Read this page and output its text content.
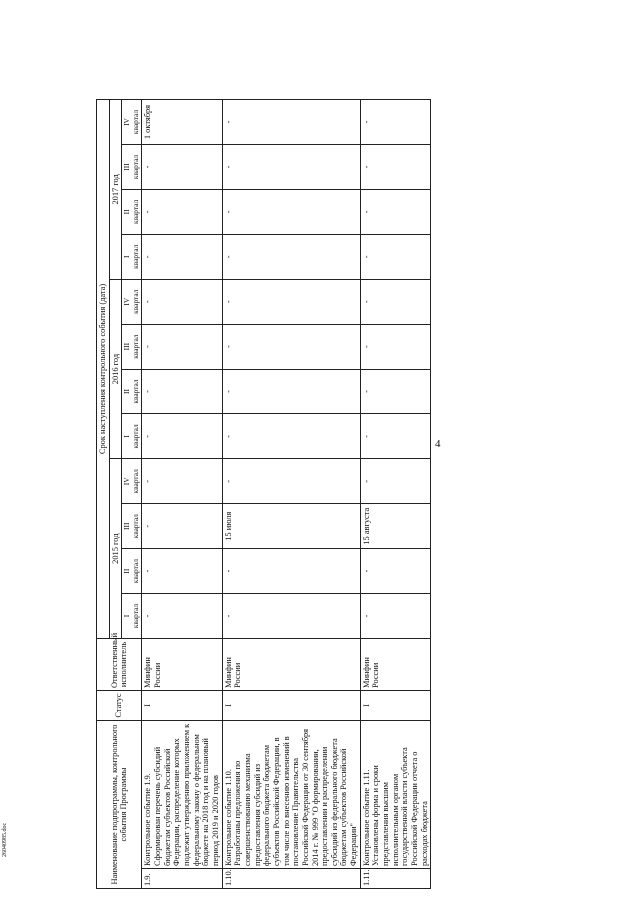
4
Наименование подпрограммы, контрольного события Программы		Статус	Ответственный исполнитель	Срок наступления контрольного события (дата)											
				2015 год				2016 год				2017 год			
				I
квартал	II
квартал	III
квартал	IV
квартал	I
квартал	II
квартал	III
квартал	IV
квартал	I
квартал	II
квартал	III
квартал	IV
квартал
1.9.	Контрольное событие 1.9. Сформирован перечень субсидий бюджетам субъектов Российской Федерации, распределение которых подлежит утверждению приложением к федеральному закону о федеральном бюджете на 2018 год и на плановый период 2019 и 2020 годов	I	Минфин России	-	-	-	-	-	-	-	-	-	-	-	1 октября
1.10.	Контрольное событие 1.10. Разработаны предложения по совершенствованию механизма предоставления субсидий из федерального бюджета бюджетам субъектов Российской Федерации, в том числе по внесению изменений в постановление Правительства Российской Федерации от 30 сентября 2014 г. № 999 "О формировании, предоставлении и распределении субсидий из федерального бюджета бюджетам субъектов Российской Федерации"	I	Минфин России	-	-	15 июля	-	-	-	-	-	-	-	-	-
1.11.	Контрольное событие 1.11. Установлены форма и сроки представления высшим исполнительным органом государственной власти субъекта Российской Федерации отчета о расходах бюджета	I	Минфин России	-	-	15 августа	-	-	-	-	-	-	-	-	-
26040985.doc
